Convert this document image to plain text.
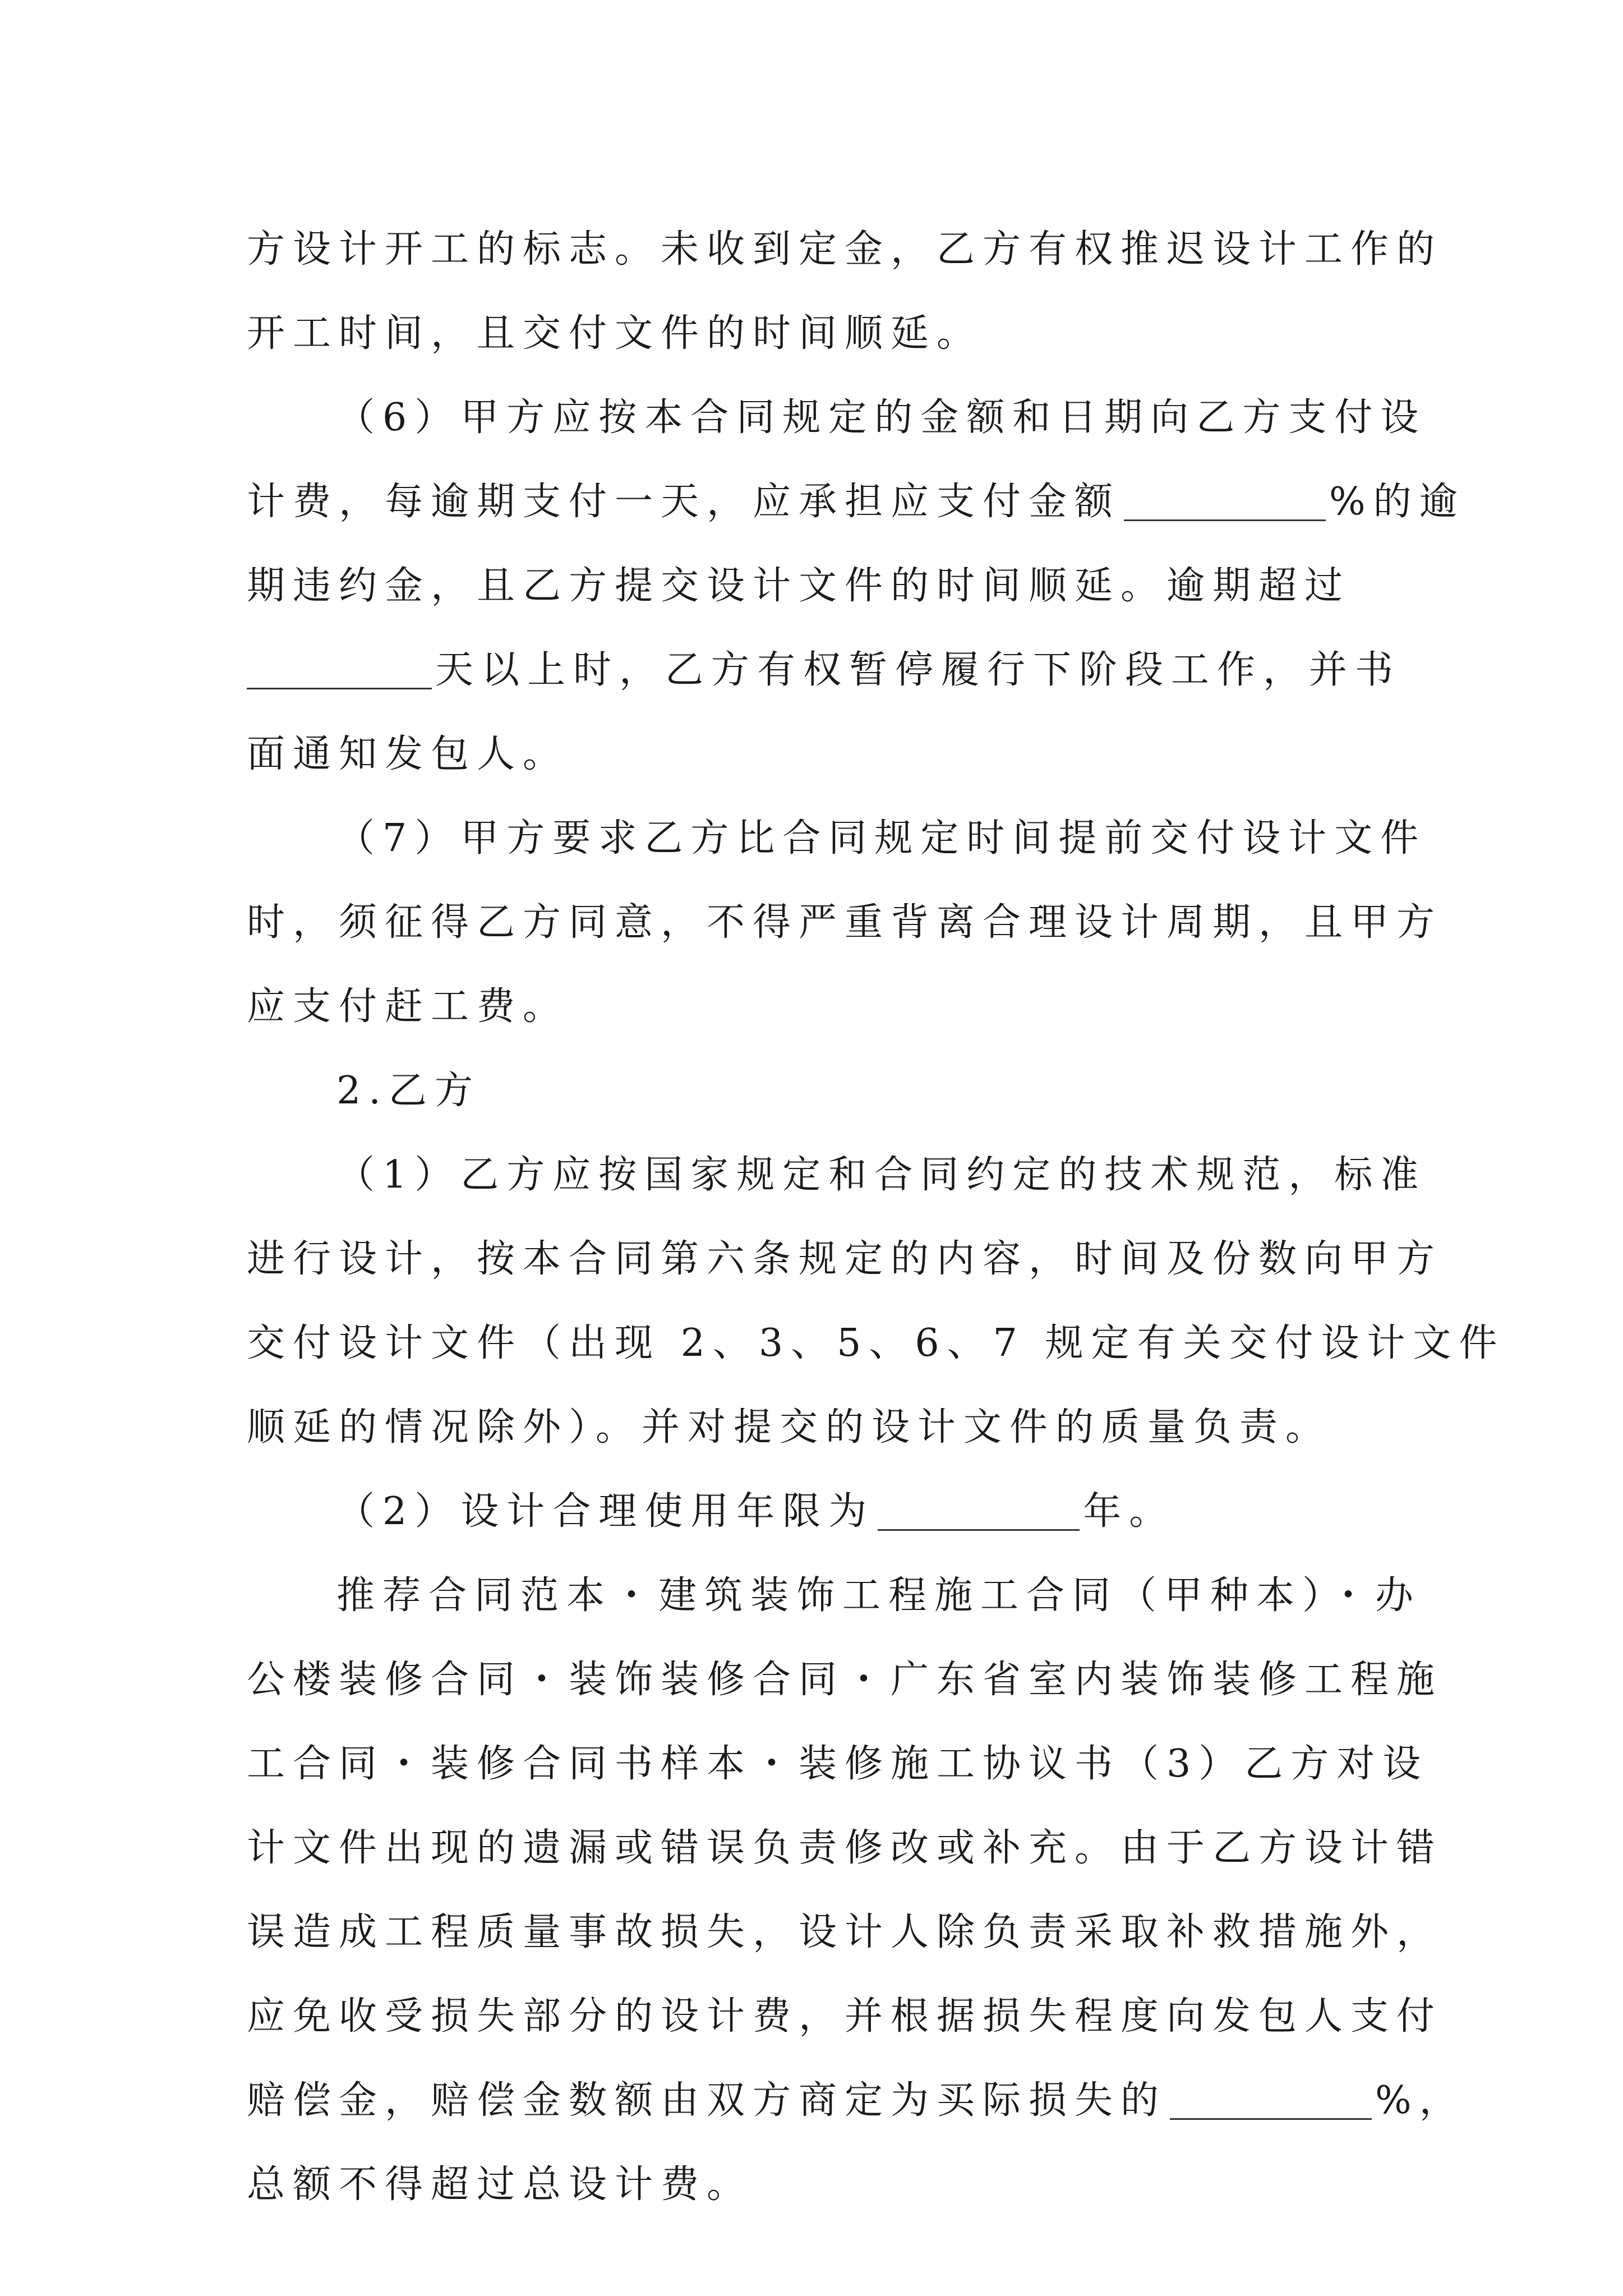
方设计开工的标志。未收到定金，乙方有权推迟设计工作的
开工时间，且交付文件的时间顺延。
（6）甲方应按本合同规定的金额和日期向乙方支付设
计费，每逾期支付一天，应承担应支付金额	%的逾
期违约金，且乙方提交设计文件的时间顺延。逾期超过
天以上时，乙方有权暂停履行下阶段工作，并书
面通知发包人。
（7）甲方要求乙方比合同规定时间提前交付设计文件
时，须征得乙方同意，不得严重背离合理设计周期，且甲方
应支付赶工费。
2.乙方
（1）乙方应按国家规定和合同约定的技术规范，标准
进行设计，按本合同第六条规定的内容，时间及份数向甲方
交付设计文件（出现 2、3、5、6、7 规定有关交付设计文件
顺延的情况除外）。并对提交的设计文件的质量负责。
（2）设计合理使用年限为	年。
推荐合同范本・建筑装饰工程施工合同（甲种本）・办
公楼装修合同・装饰装修合同・广东省室内装饰装修工程施
工合同・装修合同书样本・装修施工协议书（3）乙方对设
计文件出现的遗漏或错误负责修改或补充。由于乙方设计错
误造成工程质量事故损失，设计人除负责采取补救措施外，
应免收受损失部分的设计费，并根据损失程度向发包人支付
赔偿金，赔偿金数额由双方商定为买际损失的	%，
总额不得超过总设计费。
